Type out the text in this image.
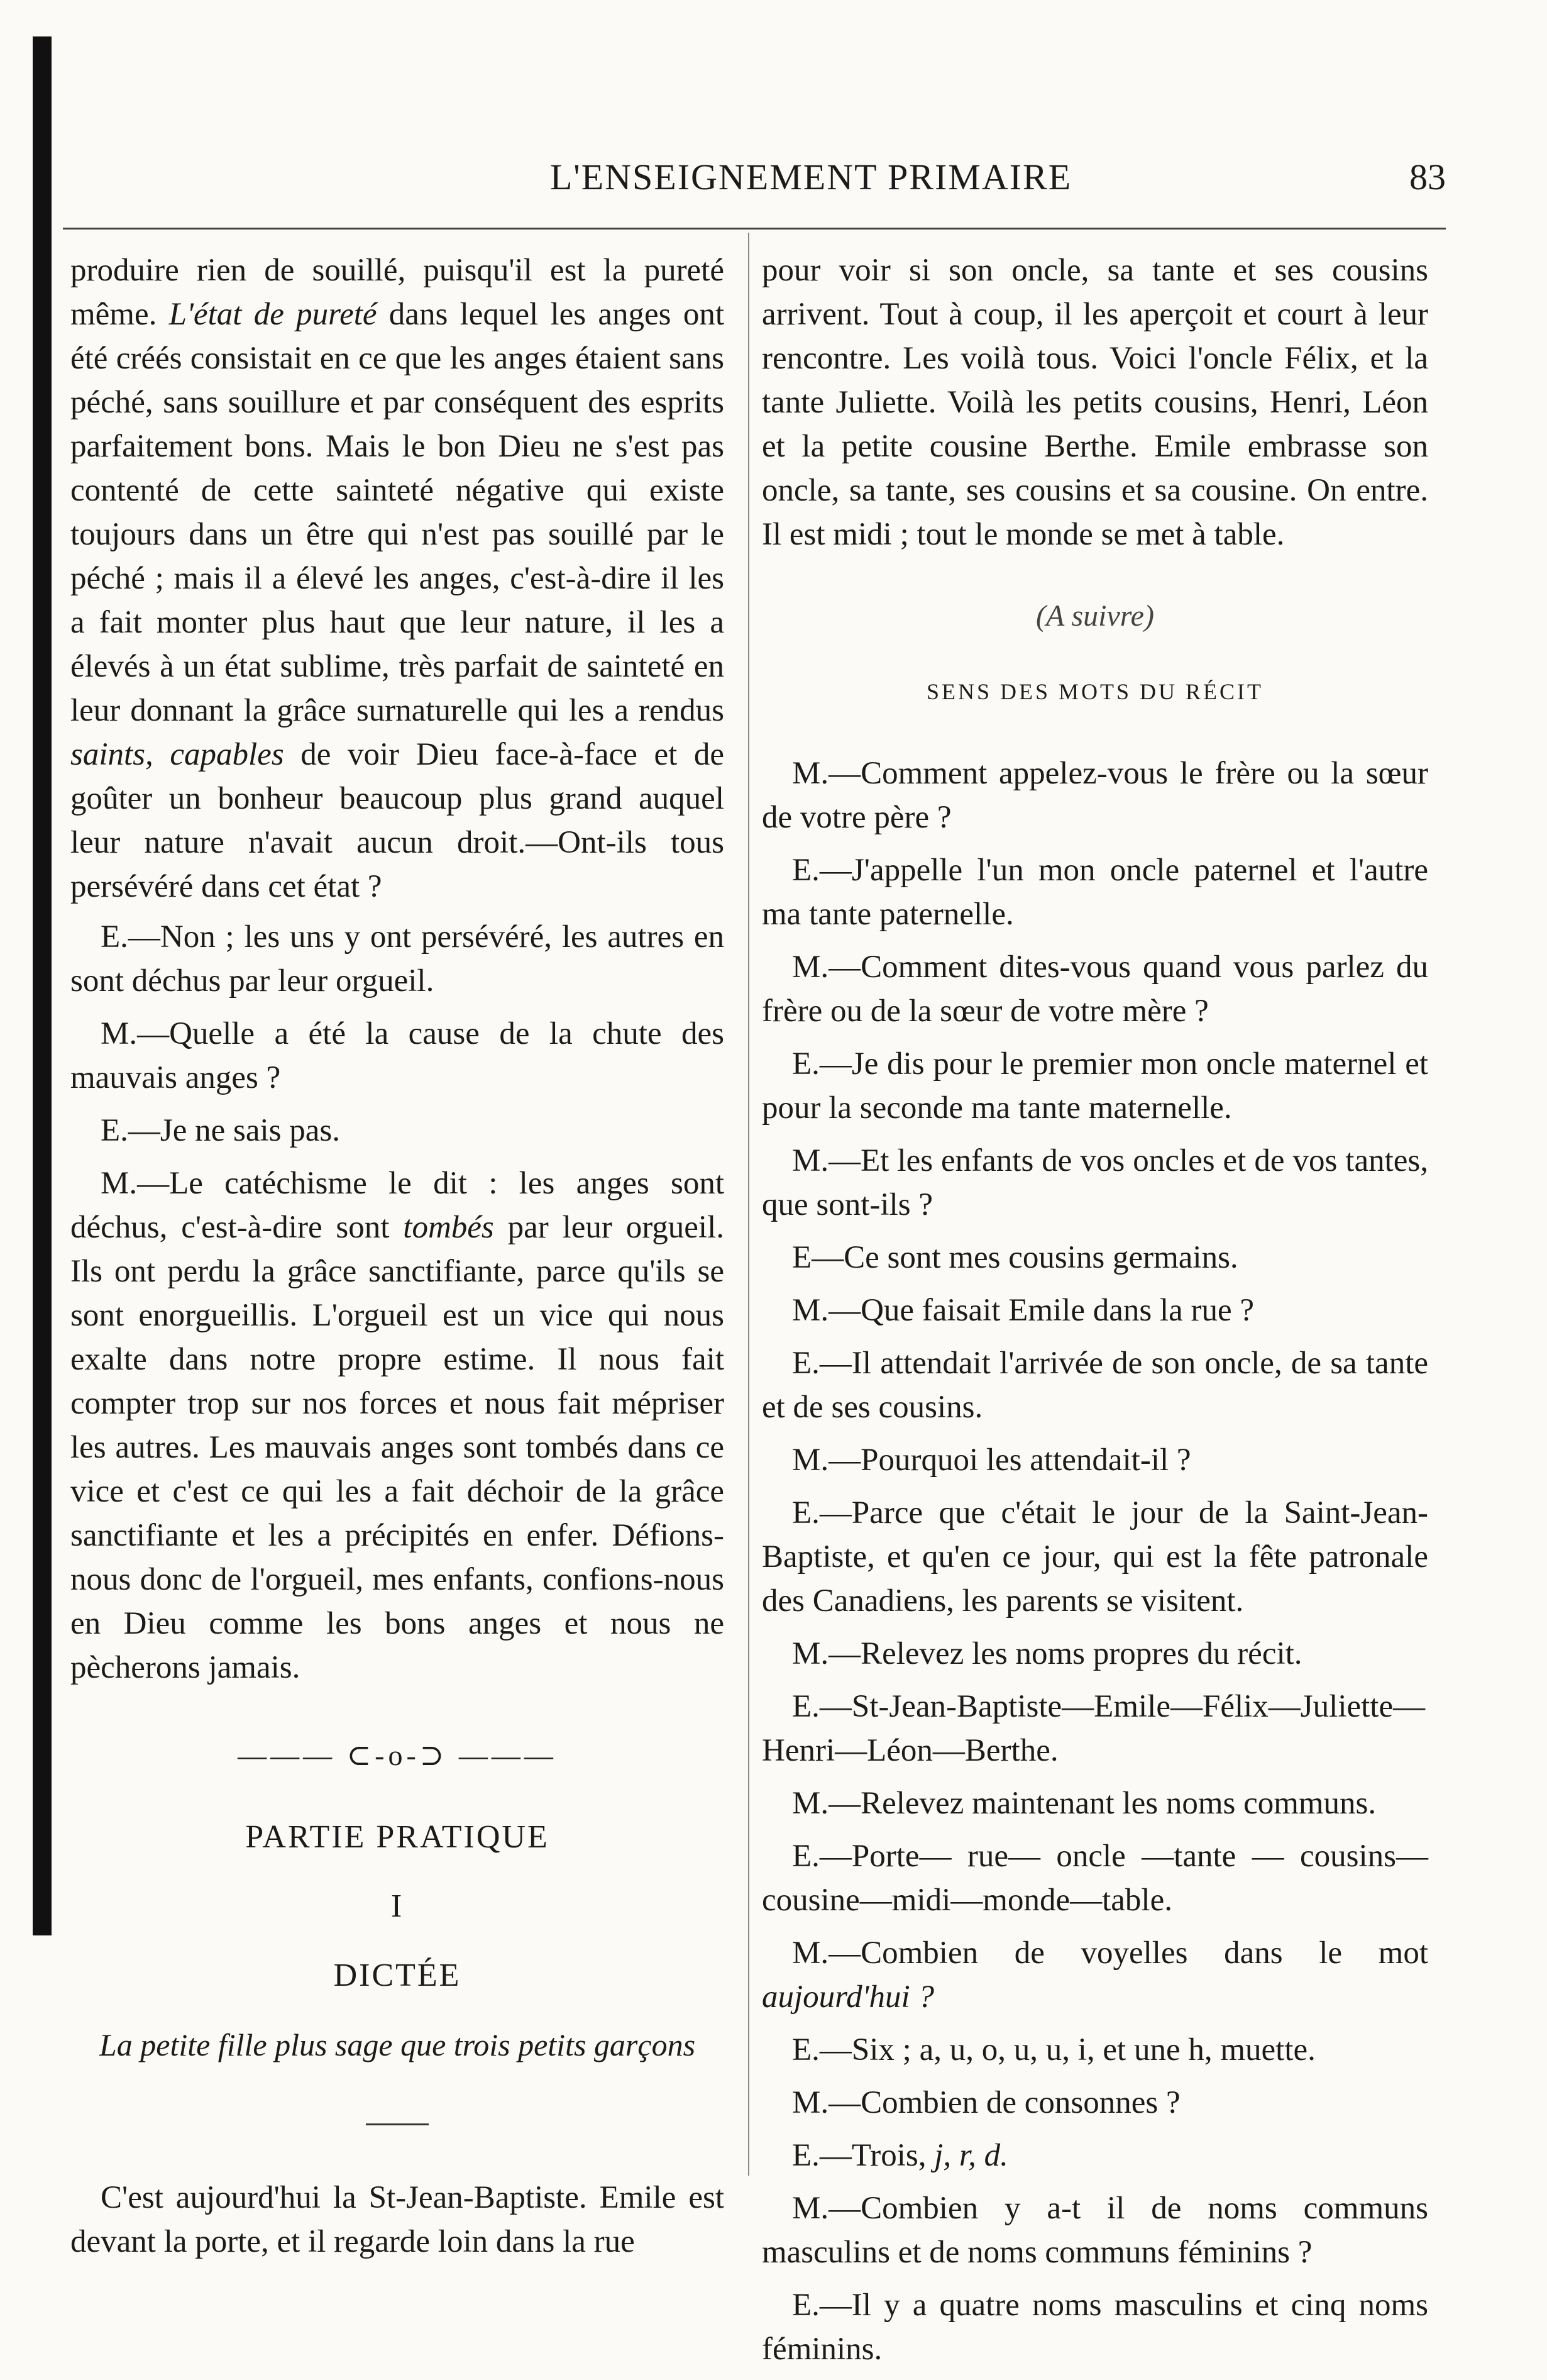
L'ENSEIGNEMENT PRIMAIRE	83

produire rien de souillé, puisqu'il est la pureté même. L'état de pureté dans lequel les anges ont été créés consistait en ce que les anges étaient sans péché, sans souillure et par conséquent des esprits parfaitement bons. Mais le bon Dieu ne s'est pas contenté de cette sainteté négative qui existe toujours dans un être qui n'est pas souillé par le péché ; mais il a élevé les anges, c'est-à-dire il les a fait monter plus haut que leur nature, il les a élevés à un état sublime, très parfait de sainteté en leur donnant la grâce surnaturelle qui les a rendus saints, capables de voir Dieu face-à-face et de goûter un bonheur beaucoup plus grand auquel leur nature n'avait aucun droit.—Ont-ils tous persévéré dans cet état ?

E.—Non ; les uns y ont persévéré, les autres en sont déchus par leur orgueil.

M.—Quelle a été la cause de la chute des mauvais anges ?

E.—Je ne sais pas.

M.—Le catéchisme le dit : les anges sont déchus, c'est-à-dire sont tombés par leur orgueil. Ils ont perdu la grâce sanctifiante, parce qu'ils se sont enorgueillis. L'orgueil est un vice qui nous exalte dans notre propre estime. Il nous fait compter trop sur nos forces et nous fait mépriser les autres. Les mauvais anges sont tombés dans ce vice et c'est ce qui les a fait déchoir de la grâce sanctifiante et les a précipités en enfer. Défions-nous donc de l'orgueil, mes enfants, confions-nous en Dieu comme les bons anges et nous ne pècherons jamais.

——— ⊂-o-⊃ ———
PARTIE PRATIQUE
I
DICTÉE
La petite fille plus sage que trois petits garçons

C'est aujourd'hui la St-Jean-Baptiste. Emile est devant la porte, et il regarde loin dans la rue

pour voir si son oncle, sa tante et ses cousins arrivent. Tout à coup, il les aperçoit et court à leur rencontre. Les voilà tous. Voici l'oncle Félix, et la tante Juliette. Voilà les petits cousins, Henri, Léon et la petite cousine Berthe. Emile embrasse son oncle, sa tante, ses cousins et sa cousine. On entre. Il est midi ; tout le monde se met à table.

(A suivre)
SENS DES MOTS DU RÉCIT

M.—Comment appelez-vous le frère ou la sœur de votre père ?

E.—J'appelle l'un mon oncle paternel et l'autre ma tante paternelle.

M.—Comment dites-vous quand vous parlez du frère ou de la sœur de votre mère ?

E.—Je dis pour le premier mon oncle maternel et pour la seconde ma tante maternelle.

M.—Et les enfants de vos oncles et de vos tantes, que sont-ils ?

E—Ce sont mes cousins germains.

M.—Que faisait Emile dans la rue ?

E.—Il attendait l'arrivée de son oncle, de sa tante et de ses cousins.

M.—Pourquoi les attendait-il ?

E.—Parce que c'était le jour de la Saint-Jean-Baptiste, et qu'en ce jour, qui est la fête patronale des Canadiens, les parents se visitent.

M.—Relevez les noms propres du récit.

E.—St-Jean-Baptiste—Emile—Félix—Juliette—Henri—Léon—Berthe.

M.—Relevez maintenant les noms communs.

E.—Porte— rue— oncle —tante — cousins— cousine—midi—monde—table.

M.—Combien de voyelles dans le mot aujourd'hui ?

E.—Six ; a, u, o, u, u, i, et une h, muette.

M.—Combien de consonnes ?

E.—Trois, j, r, d.

M.—Combien y a-t il de noms communs masculins et de noms communs féminins ?

E.—Il y a quatre noms masculins et cinq noms féminins.
